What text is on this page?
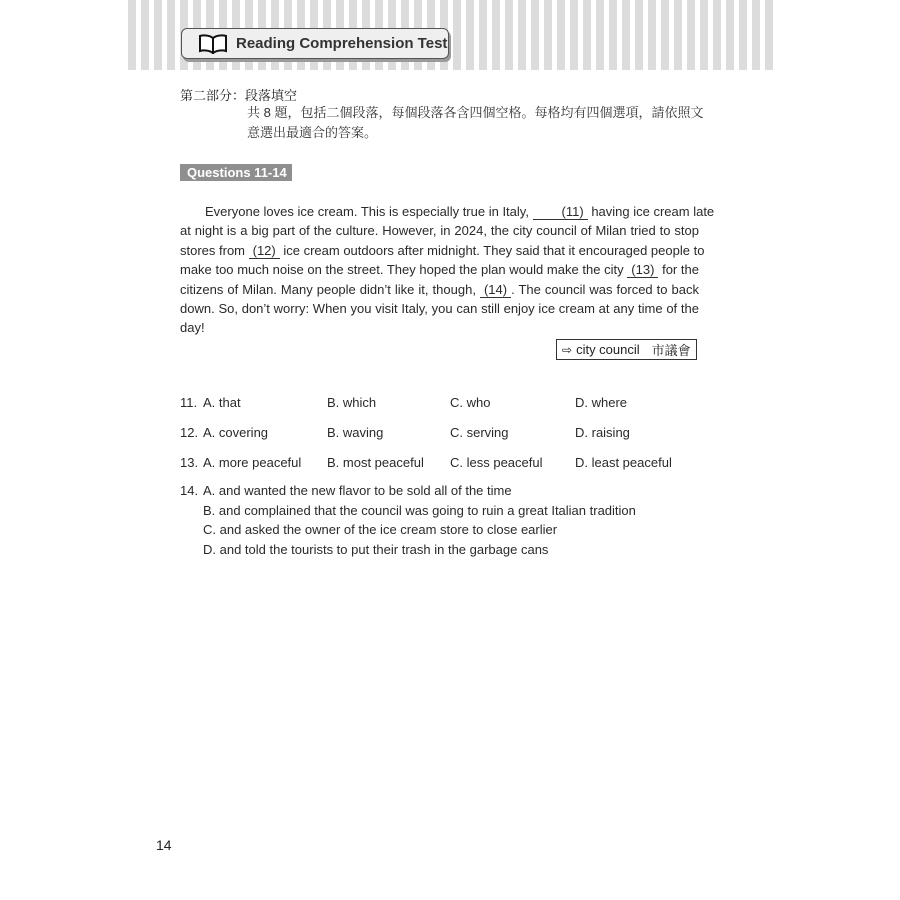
Reading Comprehension Test
第二部分：段落填空
共 8 題，包括二個段落，每個段落各含四個空格。每格均有四個選項，請依照文
意選出最適合的答案。
Questions 11-14
Everyone loves ice cream. This is especially true in Italy, (11) having ice cream late
at night is a big part of the culture. However, in 2024, the city council of Milan tried to stop
stores from (12) ice cream outdoors after midnight. They said that it encouraged people to
make too much noise on the street. They hoped the plan would make the city (13) for the
citizens of Milan. Many people didn’t like it, though, (14) . The council was forced to back
down. So, don’t worry: When you visit Italy, you can still enjoy ice cream at any time of the
day!
⇨ city council 市議會
11. A. that	B. which	C. who	D. where
12. A. covering	B. waving	C. serving	D. raising
13. A. more peaceful B. most peaceful C. less peaceful	D. least peaceful
14. A. and wanted the new flavor to be sold all of the time
B. and complained that the council was going to ruin a great Italian tradition
C. and asked the owner of the ice cream store to close earlier
D. and told the tourists to put their trash in the garbage cans
14
